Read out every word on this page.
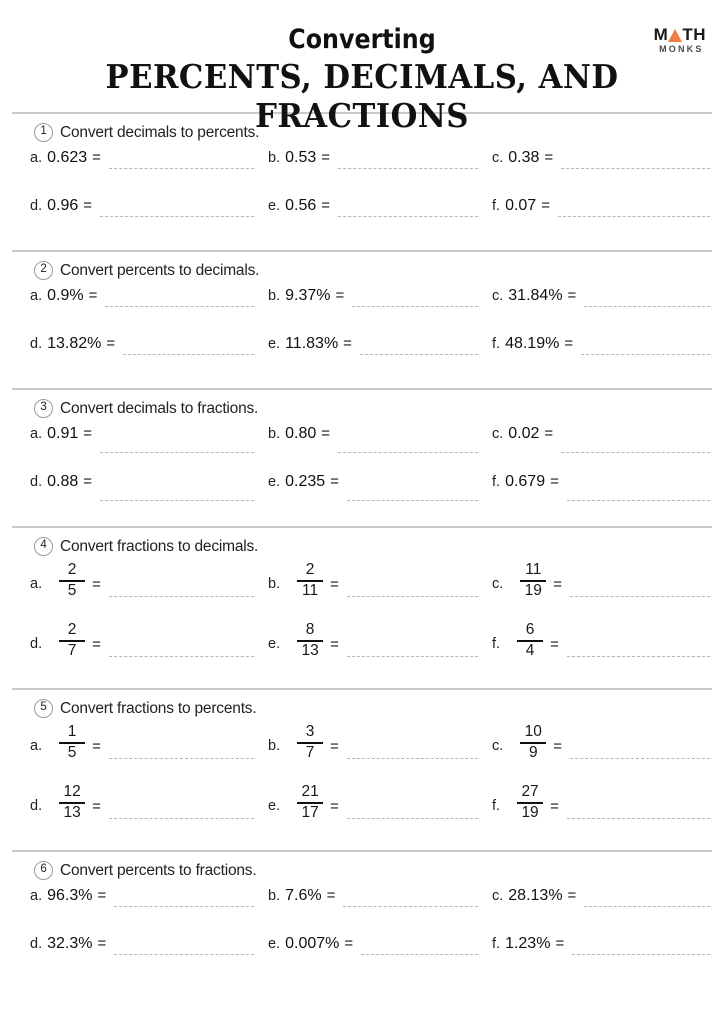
M TH
MONKS
Converting
PERCENTS, DECIMALS, AND FRACTIONS
1 Convert decimals to percents.
a. 0.623 =	b. 0.53 =	c. 0.38 =
d. 0.96 =	e. 0.56 =	f. 0.07 =
2 Convert percents to decimals.
a. 0.9% =	b. 9.37% =	c. 31.84% =
d. 13.82% =	e. 11.83% =	f. 48.19% =
3 Convert decimals to fractions.
a. 0.91 =	b. 0.80 =	c. 0.02 =
d. 0.88 =	e. 0.235 =	f. 0.679 =
4 Convert fractions to decimals.
a. $\frac{2}{5}$ =	b. $\frac{2}{11}$ =	c. $\frac{11}{19}$ =
d. $\frac{2}{7}$ =	e. $\frac{8}{13}$ =	f. $\frac{6}{4}$ =
5 Convert fractions to percents.
a. $\frac{1}{5}$ =	b. $\frac{3}{7}$ =	c. $\frac{10}{9}$ =
d. $\frac{12}{13}$ =	e. $\frac{21}{17}$ =	f. $\frac{27}{19}$ =
6 Convert percents to fractions.
a. 96.3% =	b. 7.6% =	c. 28.13% =
d. 32.3% =	e. 0.007% =	f. 1.23% =
